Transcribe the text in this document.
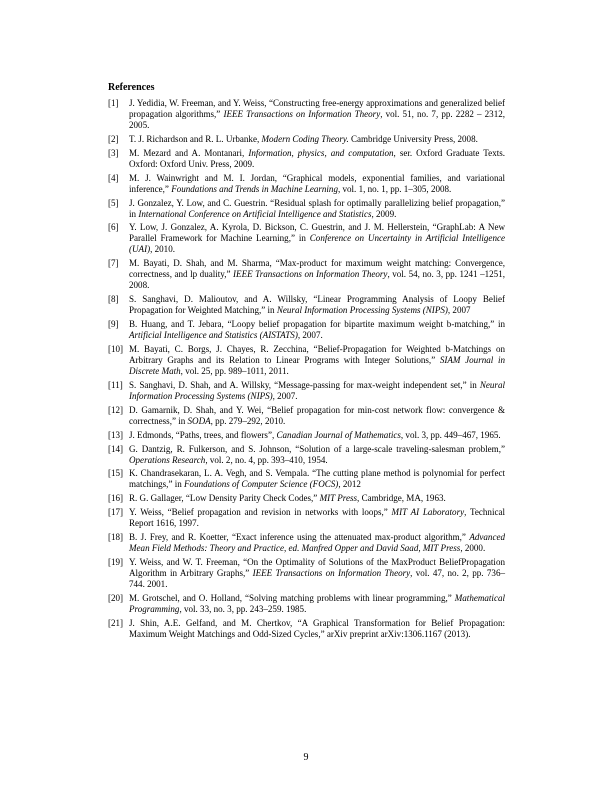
References
[1] J. Yedidia, W. Freeman, and Y. Weiss, “Constructing free-energy approximations and generalized belief propagation algorithms,” IEEE Transactions on Information Theory, vol. 51, no. 7, pp. 2282 – 2312, 2005.
[2] T. J. Richardson and R. L. Urbanke, Modern Coding Theory. Cambridge University Press, 2008.
[3] M. Mezard and A. Montanari, Information, physics, and computation, ser. Oxford Graduate Texts. Oxford: Oxford Univ. Press, 2009.
[4] M. J. Wainwright and M. I. Jordan, “Graphical models, exponential families, and variational inference,” Foundations and Trends in Machine Learning, vol. 1, no. 1, pp. 1–305, 2008.
[5] J. Gonzalez, Y. Low, and C. Guestrin. “Residual splash for optimally parallelizing belief propagation,” in International Conference on Artificial Intelligence and Statistics, 2009.
[6] Y. Low, J. Gonzalez, A. Kyrola, D. Bickson, C. Guestrin, and J. M. Hellerstein, “GraphLab: A New Parallel Framework for Machine Learning,” in Conference on Uncertainty in Artificial Intelligence (UAI), 2010.
[7] M. Bayati, D. Shah, and M. Sharma, “Max-product for maximum weight matching: Convergence, correctness, and lp duality,” IEEE Transactions on Information Theory, vol. 54, no. 3, pp. 1241 –1251, 2008.
[8] S. Sanghavi, D. Malioutov, and A. Willsky, “Linear Programming Analysis of Loopy Belief Propagation for Weighted Matching,” in Neural Information Processing Systems (NIPS), 2007
[9] B. Huang, and T. Jebara, “Loopy belief propagation for bipartite maximum weight b-matching,” in Artificial Intelligence and Statistics (AISTATS), 2007.
[10] M. Bayati, C. Borgs, J. Chayes, R. Zecchina, “Belief-Propagation for Weighted b-Matchings on Arbitrary Graphs and its Relation to Linear Programs with Integer Solutions,” SIAM Journal in Discrete Math, vol. 25, pp. 989–1011, 2011.
[11] S. Sanghavi, D. Shah, and A. Willsky, “Message-passing for max-weight independent set,” in Neural Information Processing Systems (NIPS), 2007.
[12] D. Gamarnik, D. Shah, and Y. Wei, “Belief propagation for min-cost network flow: convergence & correctness,” in SODA, pp. 279–292, 2010.
[13] J. Edmonds, “Paths, trees, and flowers”, Canadian Journal of Mathematics, vol. 3, pp. 449–467, 1965.
[14] G. Dantzig, R. Fulkerson, and S. Johnson, “Solution of a large-scale traveling-salesman problem,” Operations Research, vol. 2, no. 4, pp. 393–410, 1954.
[15] K. Chandrasekaran, L. A. Vegh, and S. Vempala. “The cutting plane method is polynomial for perfect matchings,” in Foundations of Computer Science (FOCS), 2012
[16] R. G. Gallager, “Low Density Parity Check Codes,” MIT Press, Cambridge, MA, 1963.
[17] Y. Weiss, “Belief propagation and revision in networks with loops,” MIT AI Laboratory, Technical Report 1616, 1997.
[18] B. J. Frey, and R. Koetter, “Exact inference using the attenuated max-product algorithm,” Advanced Mean Field Methods: Theory and Practice, ed. Manfred Opper and David Saad, MIT Press, 2000.
[19] Y. Weiss, and W. T. Freeman, “On the Optimality of Solutions of the MaxProduct BeliefPropagation Algorithm in Arbitrary Graphs,” IEEE Transactions on Information Theory, vol. 47, no. 2, pp. 736–744. 2001.
[20] M. Grotschel, and O. Holland, “Solving matching problems with linear programming,” Mathematical Programming, vol. 33, no. 3, pp. 243–259. 1985.
[21] J. Shin, A.E. Gelfand, and M. Chertkov, “A Graphical Transformation for Belief Propagation: Maximum Weight Matchings and Odd-Sized Cycles,” arXiv preprint arXiv:1306.1167 (2013).
9
